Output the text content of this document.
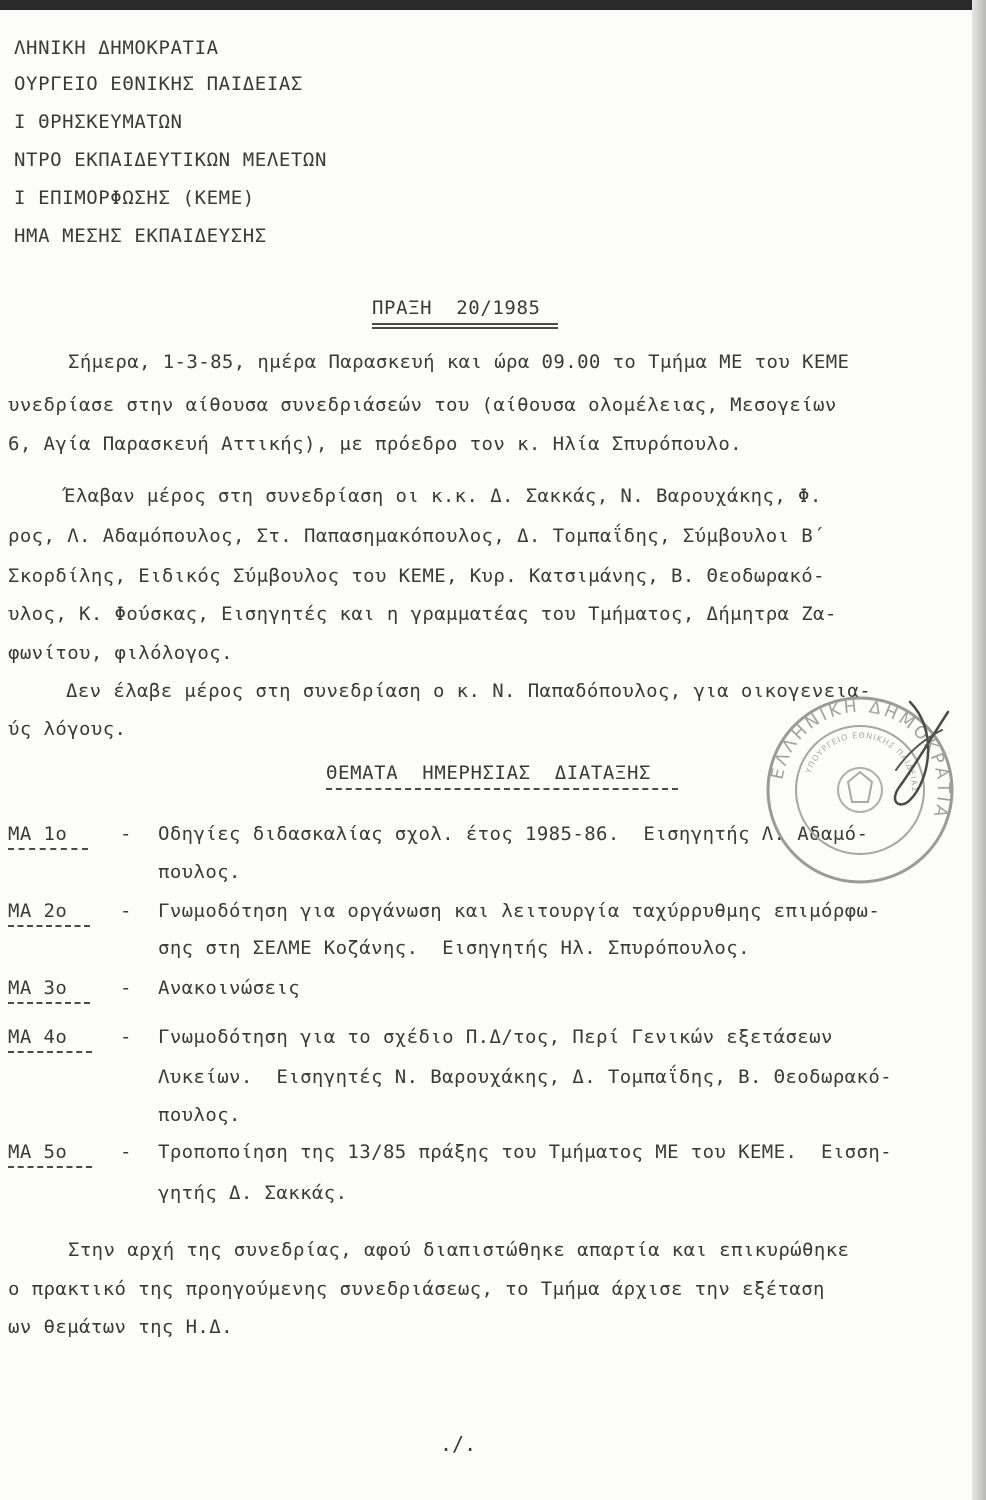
ΛΗΝΙΚΗ ΔΗΜΟΚΡΑΤΙΑ
ΟΥΡΓΕΙΟ ΕΘΝΙΚΗΣ ΠΑΙΔΕΙΑΣ
Ι ΘΡΗΣΚΕΥΜΑΤΩΝ
ΝΤΡΟ ΕΚΠΑΙΔΕΥΤΙΚΩΝ ΜΕΛΕΤΩΝ
Ι ΕΠΙΜΟΡΦΩΣΗΣ (ΚΕΜΕ)
ΗΜΑ ΜΕΣΗΣ ΕΚΠΑΙΔΕΥΣΗΣ
ΠΡΑΞΗ  20/1985
Σήμερα, 1-3-85, ημέρα Παρασκευή και ώρα 09.00 το Τμήμα ΜΕ του ΚΕΜΕ
υνεδρίασε στην αίθουσα συνεδριάσεών του (αίθουσα ολομέλειας, Μεσογείων
6, Αγία Παρασκευή Αττικής), με πρόεδρο τον κ. Ηλία Σπυρόπουλο.
Έλαβαν μέρος στη συνεδρίαση οι κ.κ. Δ. Σακκάς, Ν. Βαρουχάκης, Φ.
ρος, Λ. Αδαμόπουλος, Στ. Παπασημακόπουλος, Δ. Τομπαΐδης, Σύμβουλοι Β΄
Σκορδίλης, Ειδικός Σύμβουλος του ΚΕΜΕ, Κυρ. Κατσιμάνης, Β. Θεοδωρακό-
υλος, Κ. Φούσκας, Εισηγητές και η γραμματέας του Τμήματος, Δήμητρα Ζα-
φωνίτου, φιλόλογος.
Δεν έλαβε μέρος στη συνεδρίαση ο κ. Ν. Παπαδόπουλος, για οικογενεια-
ύς λόγους.
ΘΕΜΑΤΑ  ΗΜΕΡΗΣΙΑΣ  ΔΙΑΤΑΞΗΣ
ΜΑ 1ο	- Οδηγίες διδασκαλίας σχολ. έτος 1985-86.  Εισηγητής Λ. Αδαμό-
πουλος.
ΜΑ 2ο	- Γνωμοδότηση για οργάνωση και λειτουργία ταχύρρυθμης επιμόρφω-
σης στη ΣΕΛΜΕ Κοζάνης.  Εισηγητής Ηλ. Σπυρόπουλος.
ΜΑ 3ο	- Ανακοινώσεις
ΜΑ 4ο	- Γνωμοδότηση για το σχέδιο Π.Δ/τος, Περί Γενικών εξετάσεων
Λυκείων.  Εισηγητές Ν. Βαρουχάκης, Δ. Τομπαΐδης, Β. Θεοδωρακό-
πουλος.
ΜΑ 5ο	- Τροποποίηση της 13/85 πράξης του Τμήματος ΜΕ του ΚΕΜΕ.  Εισση-
γητής Δ. Σακκάς.
Στην αρχή της συνεδρίας, αφού διαπιστώθηκε απαρτία και επικυρώθηκε
ο πρακτικό της προηγούμενης συνεδριάσεως, το Τμήμα άρχισε την εξέταση
ων θεμάτων της Η.Δ.
./.
ΕΛΛΗΝΙΚΗ ΔΗΜΟΚΡΑΤΙΑ
ΥΠΟΥΡΓΕΙΟ ΕΘΝΙΚΗΣ ΠΑΙΔΕΙΑΣ
